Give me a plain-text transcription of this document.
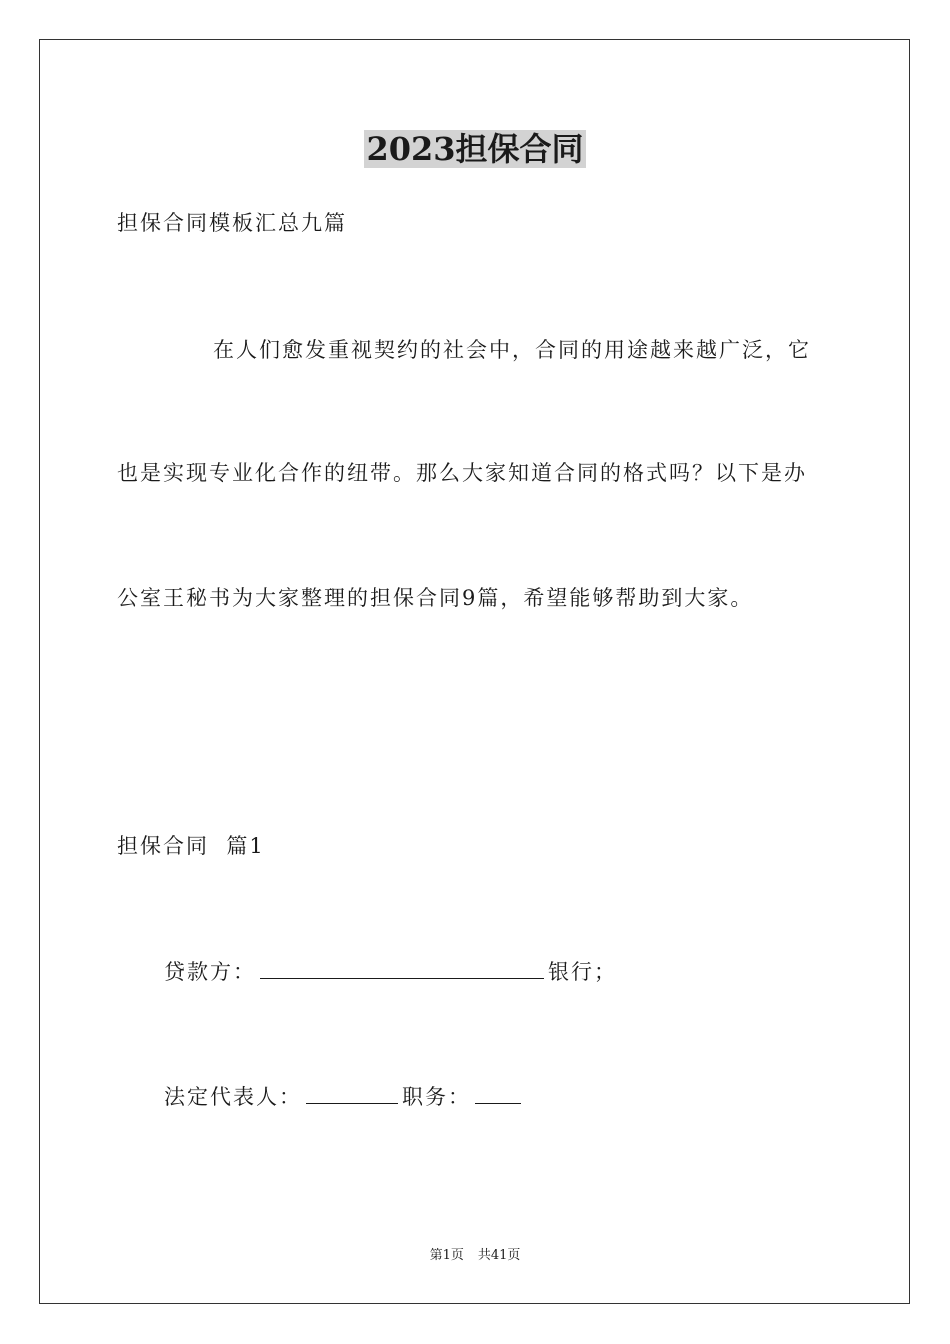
2023担保合同

担保合同模板汇总九篇

在人们愈发重视契约的社会中，合同的用途越来越广泛，它

也是实现专业化合作的纽带。那么大家知道合同的格式吗？以下是办

公室王秘书为大家整理的担保合同9篇，希望能够帮助到大家。

担保合同  篇1

贷款方：	银行；

法定代表人：	职务：

第1页 共41页
